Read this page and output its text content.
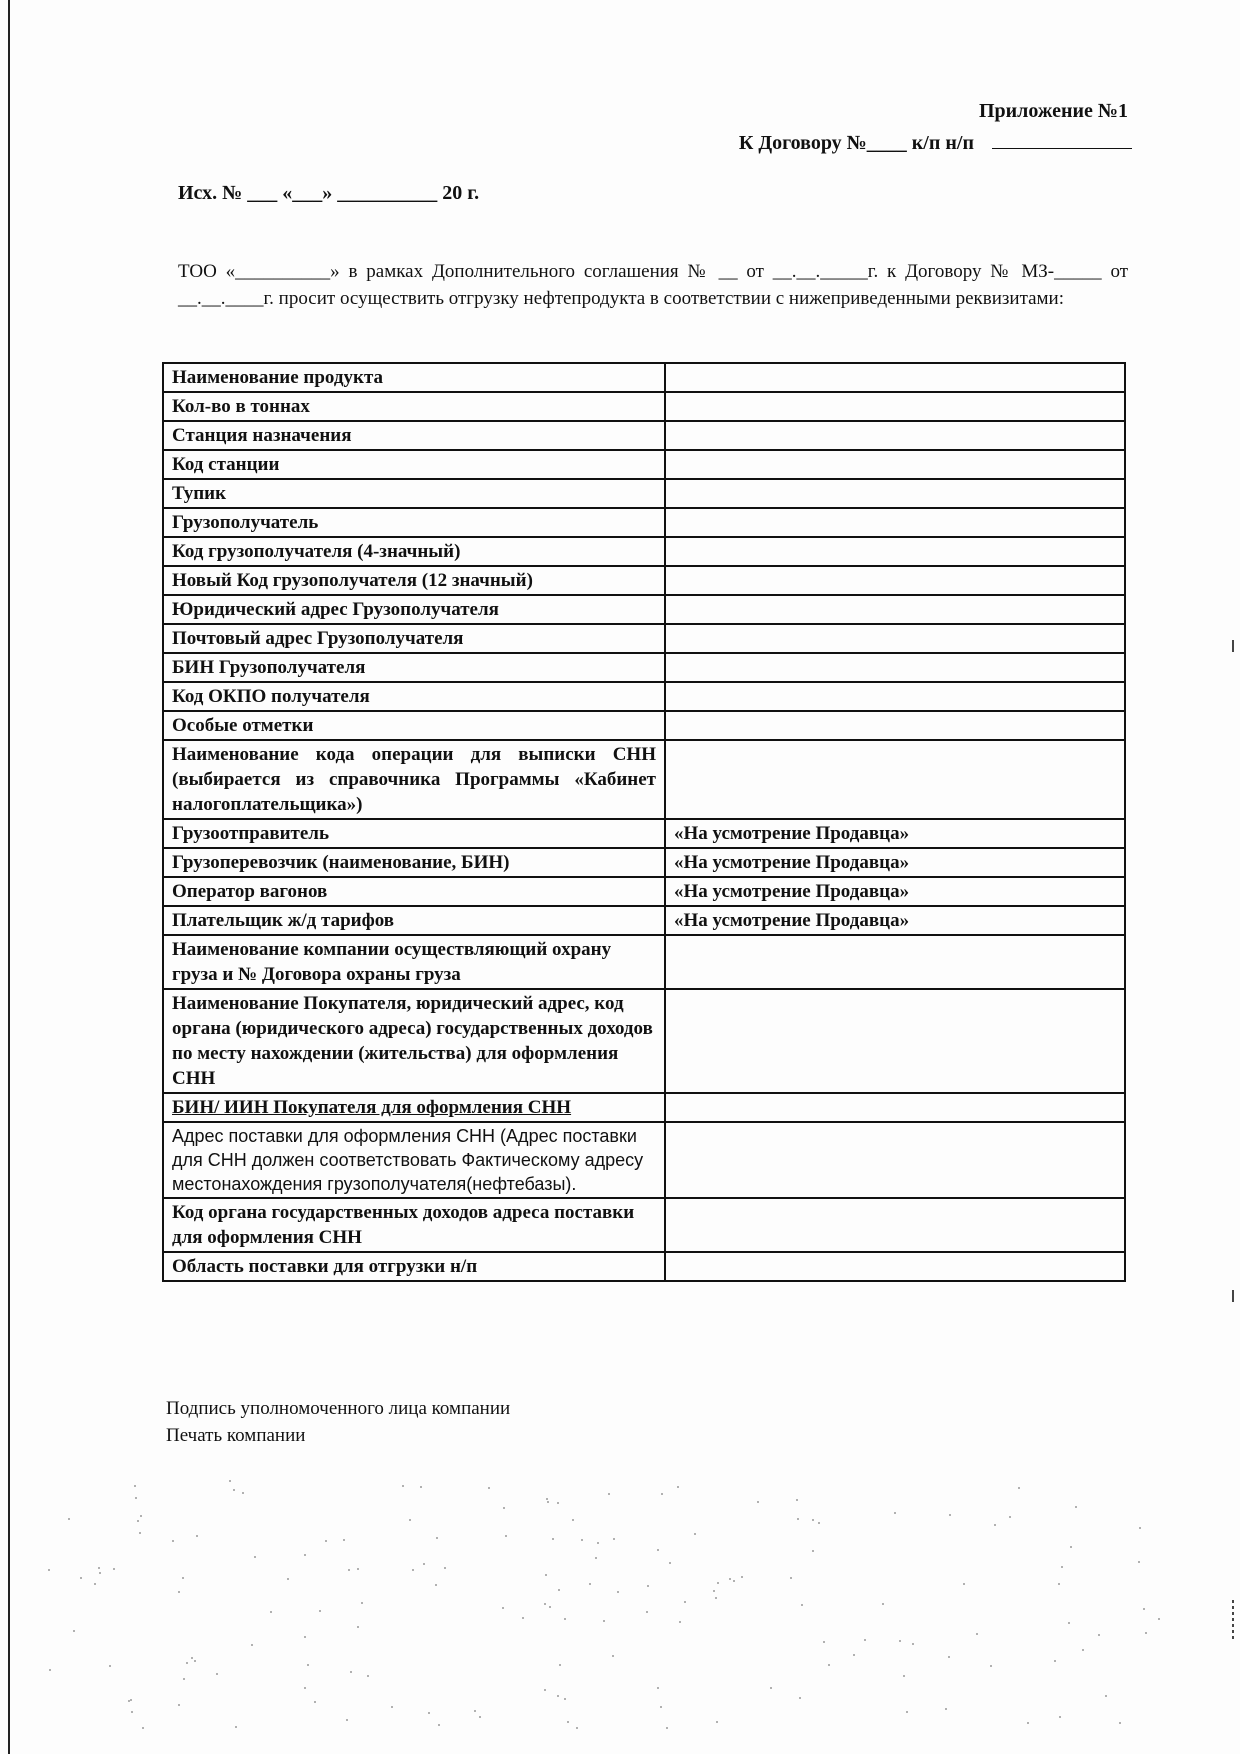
Приложение №1
К Договору №____ к/п н/п
Исх. № ___ «___» __________ 20 г.
ТОО «__________» в рамках Дополнительного соглашения № __ от __.__._____г. к Договору № МЗ-_____ от __.__.____г. просит осуществить отгрузку нефтепродукта в соответствии с нижеприведенными реквизитами:
Наименование продукта	
Кол-во в тоннах	
Станция назначения	
Код станции	
Тупик	
Грузополучатель	
Код грузополучателя (4-значный)	
Новый Код грузополучателя (12 значный)	
Юридический адрес Грузополучателя	
Почтовый адрес Грузополучателя	
БИН Грузополучателя	
Код ОКПО получателя	
Особые отметки	
Наименование кода операции для выписки СНН (выбирается из справочника Программы «Кабинет налогоплательщика»)	
Грузоотправитель	«На усмотрение Продавца»
Грузоперевозчик (наименование, БИН)	«На усмотрение Продавца»
Оператор вагонов	«На усмотрение Продавца»
Плательщик ж/д тарифов	«На усмотрение Продавца»
Наименование компании осуществляющий охрану груза и № Договора охраны груза	
Наименование Покупателя, юридический адрес, код органа (юридического адреса) государственных доходов по месту нахождении (жительства) для оформления СНН	
БИН/ ИИН Покупателя для оформления СНН	
Адрес поставки для оформления СНН (Адрес поставки для СНН должен соответствовать Фактическому адресу местонахождения грузополучателя(нефтебазы).	
Код органа государственных доходов адреса поставки для оформления СНН	
Область поставки для отгрузки н/п	
Подпись уполномоченного лица компании
Печать компании
